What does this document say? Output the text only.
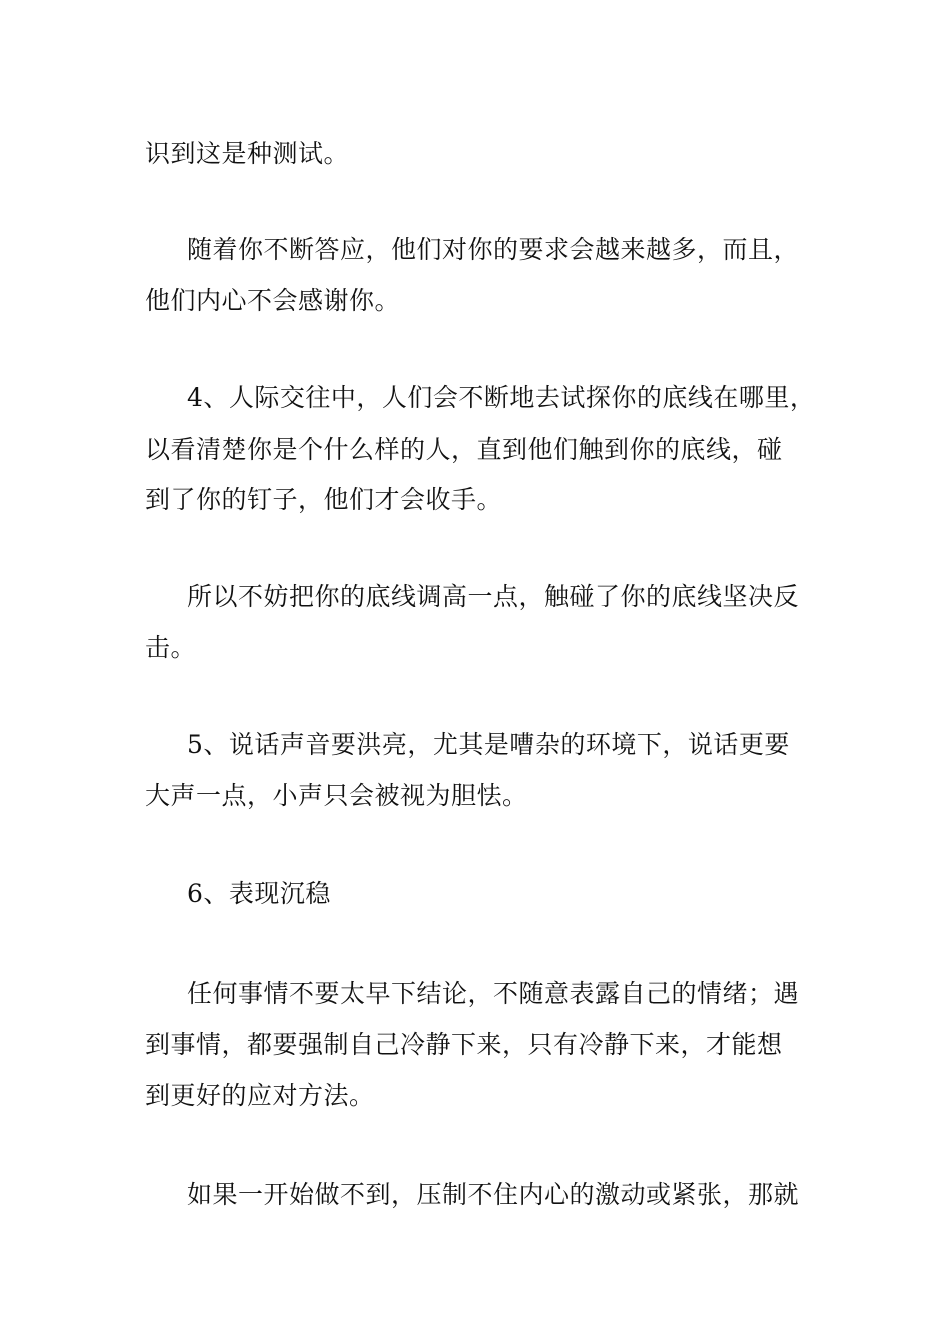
识到这是种测试。
随着你不断答应，他们对你的要求会越来越多，而且，
他们内心不会感谢你。
4、人际交往中，人们会不断地去试探你的底线在哪里，
以看清楚你是个什么样的人，直到他们触到你的底线，碰
到了你的钉子，他们才会收手。
所以不妨把你的底线调高一点，触碰了你的底线坚决反
击。
5、说话声音要洪亮，尤其是嘈杂的环境下，说话更要
大声一点，小声只会被视为胆怯。
6、表现沉稳
任何事情不要太早下结论，不随意表露自己的情绪；遇
到事情，都要强制自己冷静下来，只有冷静下来，才能想
到更好的应对方法。
如果一开始做不到，压制不住内心的激动或紧张，那就
